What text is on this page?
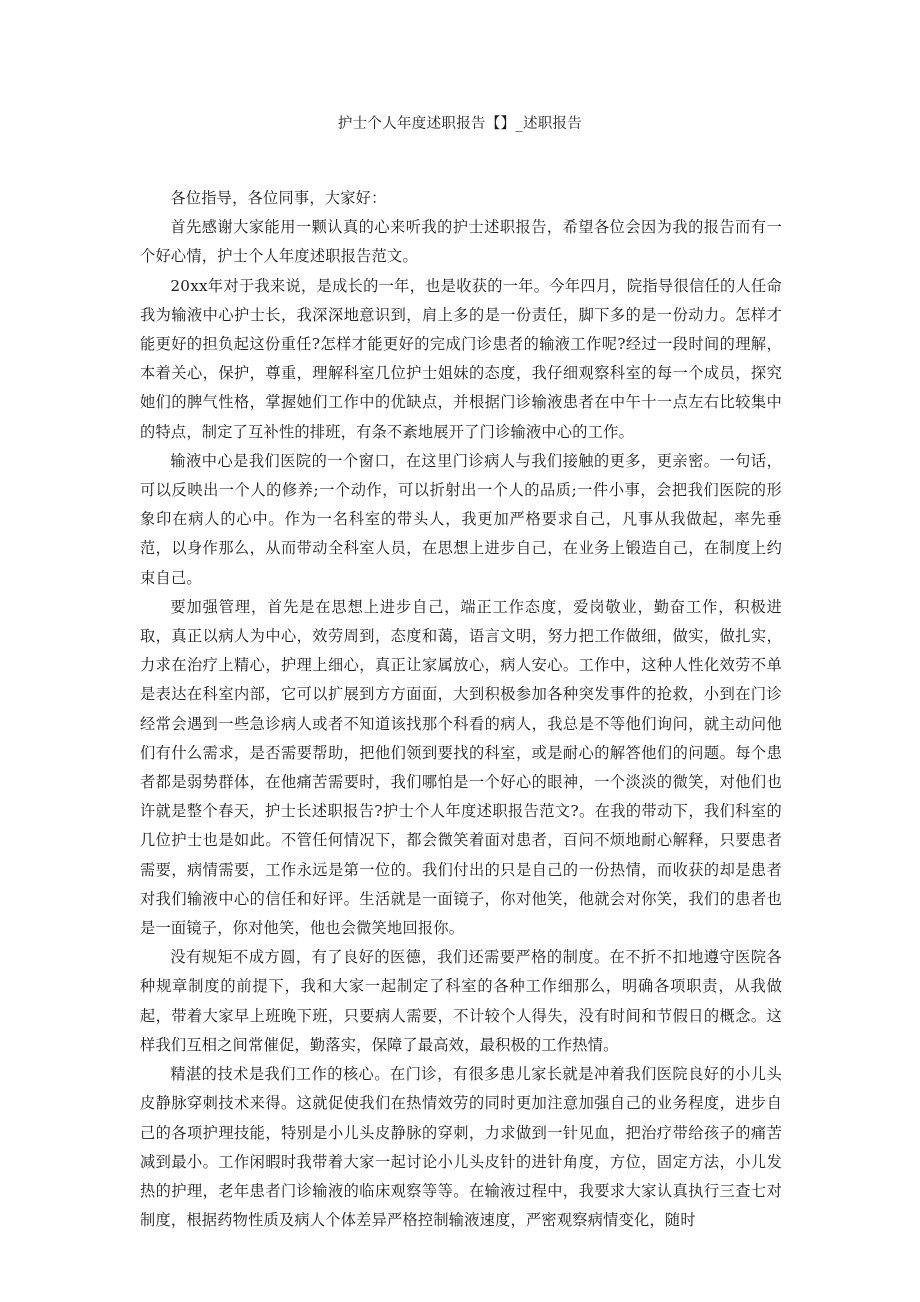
护士个人年度述职报告【】_述职报告

各位指导，各位同事，大家好：

首先感谢大家能用一颗认真的心来听我的护士述职报告，希望各位会因为我的报告而有一个好心情，护士个人年度述职报告范文。

20xx年对于我来说，是成长的一年，也是收获的一年。今年四月，院指导很信任的人任命我为输液中心护士长，我深深地意识到，肩上多的是一份责任，脚下多的是一份动力。怎样才能更好的担负起这份重任?怎样才能更好的完成门诊患者的输液工作呢?经过一段时间的理解，本着关心，保护，尊重，理解科室几位护士姐妹的态度，我仔细观察科室的每一个成员，探究她们的脾气性格，掌握她们工作中的优缺点，并根据门诊输液患者在中午十一点左右比较集中的特点，制定了互补性的排班，有条不紊地展开了门诊输液中心的工作。

输液中心是我们医院的一个窗口，在这里门诊病人与我们接触的更多，更亲密。一句话，可以反映出一个人的修养;一个动作，可以折射出一个人的品质;一件小事，会把我们医院的形象印在病人的心中。作为一名科室的带头人，我更加严格要求自己，凡事从我做起，率先垂范，以身作那么，从而带动全科室人员，在思想上进步自己，在业务上锻造自己，在制度上约束自己。

要加强管理，首先是在思想上进步自己，端正工作态度，爱岗敬业，勤奋工作，积极进取，真正以病人为中心，效劳周到，态度和蔼，语言文明，努力把工作做细，做实，做扎实，力求在治疗上精心，护理上细心，真正让家属放心，病人安心。工作中，这种人性化效劳不单是表达在科室内部，它可以扩展到方方面面，大到积极参加各种突发事件的抢救，小到在门诊经常会遇到一些急诊病人或者不知道该找那个科看的病人，我总是不等他们询问，就主动问他们有什么需求，是否需要帮助，把他们领到要找的科室，或是耐心的解答他们的问题。每个患者都是弱势群体，在他痛苦需要时，我们哪怕是一个好心的眼神，一个淡淡的微笑，对他们也许就是整个春天，护士长述职报告?护士个人年度述职报告范文?。在我的带动下，我们科室的几位护士也是如此。不管任何情况下，都会微笑着面对患者，百问不烦地耐心解释，只要患者需要，病情需要，工作永远是第一位的。我们付出的只是自己的一份热情，而收获的却是患者对我们输液中心的信任和好评。生活就是一面镜子，你对他笑，他就会对你笑，我们的患者也是一面镜子，你对他笑，他也会微笑地回报你。

没有规矩不成方圆，有了良好的医德，我们还需要严格的制度。在不折不扣地遵守医院各种规章制度的前提下，我和大家一起制定了科室的各种工作细那么，明确各项职责，从我做起，带着大家早上班晚下班，只要病人需要，不计较个人得失，没有时间和节假日的概念。这样我们互相之间常催促，勤落实，保障了最高效，最积极的工作热情。

精湛的技术是我们工作的核心。在门诊，有很多患儿家长就是冲着我们医院良好的小儿头皮静脉穿刺技术来得。这就促使我们在热情效劳的同时更加注意加强自己的业务程度，进步自己的各项护理技能，特别是小儿头皮静脉的穿刺，力求做到一针见血，把治疗带给孩子的痛苦减到最小。工作闲暇时我带着大家一起讨论小儿头皮针的进针角度，方位，固定方法，小儿发热的护理，老年患者门诊输液的临床观察等等。在输液过程中，我要求大家认真执行三查七对制度，根据药物性质及病人个体差异严格控制输液速度，严密观察病情变化，随时
